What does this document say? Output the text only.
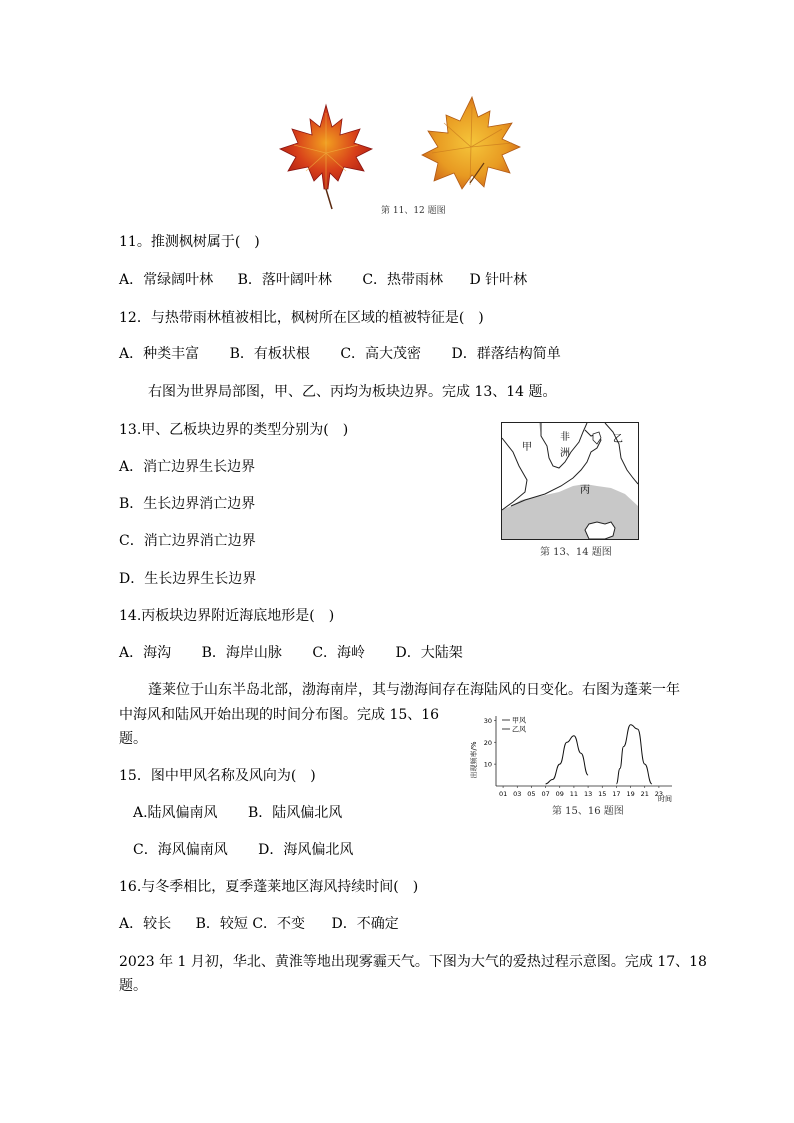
第 11、12 题图
11。推测枫树属于(　)
A．常绿阔叶林 B．落叶阔叶林 C．热带雨林 D 针叶林
12．与热带雨林植被相比，枫树所在区域的植被特征是(　)
A．种类丰富 B．有板状根 C．高大茂密 D．群落结构简单
右图为世界局部图，甲、乙、丙均为板块边界。完成 13、14 题。
13.甲、乙板块边界的类型分别为(　)
A．消亡边界生长边界
B．生长边界消亡边界
C．消亡边界消亡边界
D．生长边界生长边界
甲
乙
丙
非
洲
第 13、14 题图
14.丙板块边界附近海底地形是(　)
A．海沟 B．海岸山脉 C．海岭 D．大陆架
蓬莱位于山东半岛北部，渤海南岸，其与渤海间存在海陆风的日变化。右图为蓬莱一年
中海风和陆风开始出现的时间分布图。完成 15、16
题。
出现频率/%
时间
01 03 05 07 09 11 13 15 17 19 21 23
10
20
30	甲风
乙风
第 15、16 题图
15．图中甲风名称及风向为(　)
A.陆风偏南风 B．陆风偏北风
C．海风偏南风 D．海风偏北风
16.与冬季相比，夏季蓬莱地区海风持续时间(　)
A．较长 B．较短 C．不变 D．不确定
2023 年 1 月初，华北、黄淮等地出现雾霾天气。下图为大气的爱热过程示意图。完成 17、18
题。
